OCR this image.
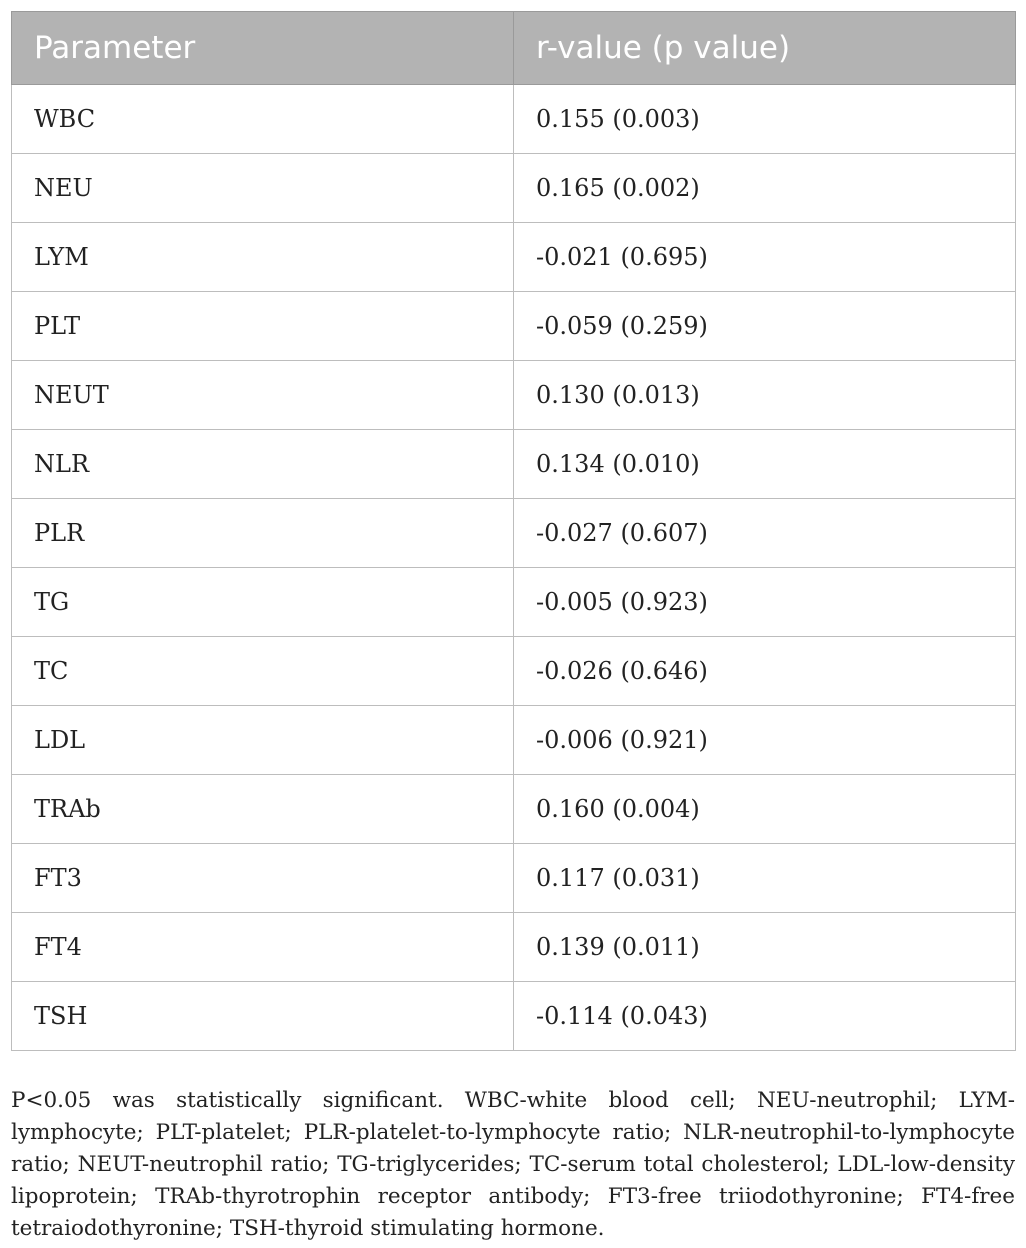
Parameter	r-value (p value)
WBC	0.155 (0.003)
NEU	0.165 (0.002)
LYM	-0.021 (0.695)
PLT	-0.059 (0.259)
NEUT	0.130 (0.013)
NLR	0.134 (0.010)
PLR	-0.027 (0.607)
TG	-0.005 (0.923)
TC	-0.026 (0.646)
LDL	-0.006 (0.921)
TRAb	0.160 (0.004)
FT3	0.117 (0.031)
FT4	0.139 (0.011)
TSH	-0.114 (0.043)

P<0.05 was statistically significant. WBC-white blood cell; NEU-neutrophil; LYM-lymphocyte; PLT-platelet; PLR-platelet-to-lymphocyte ratio; NLR-neutrophil-to-lymphocyte ratio; NEUT-neutrophil ratio; TG-triglycerides; TC-serum total cholesterol; LDL-low-density lipoprotein; TRAb-thyrotrophin receptor antibody; FT3-free triiodothyronine; FT4-free tetraiodothyronine; TSH-thyroid stimulating hormone.
